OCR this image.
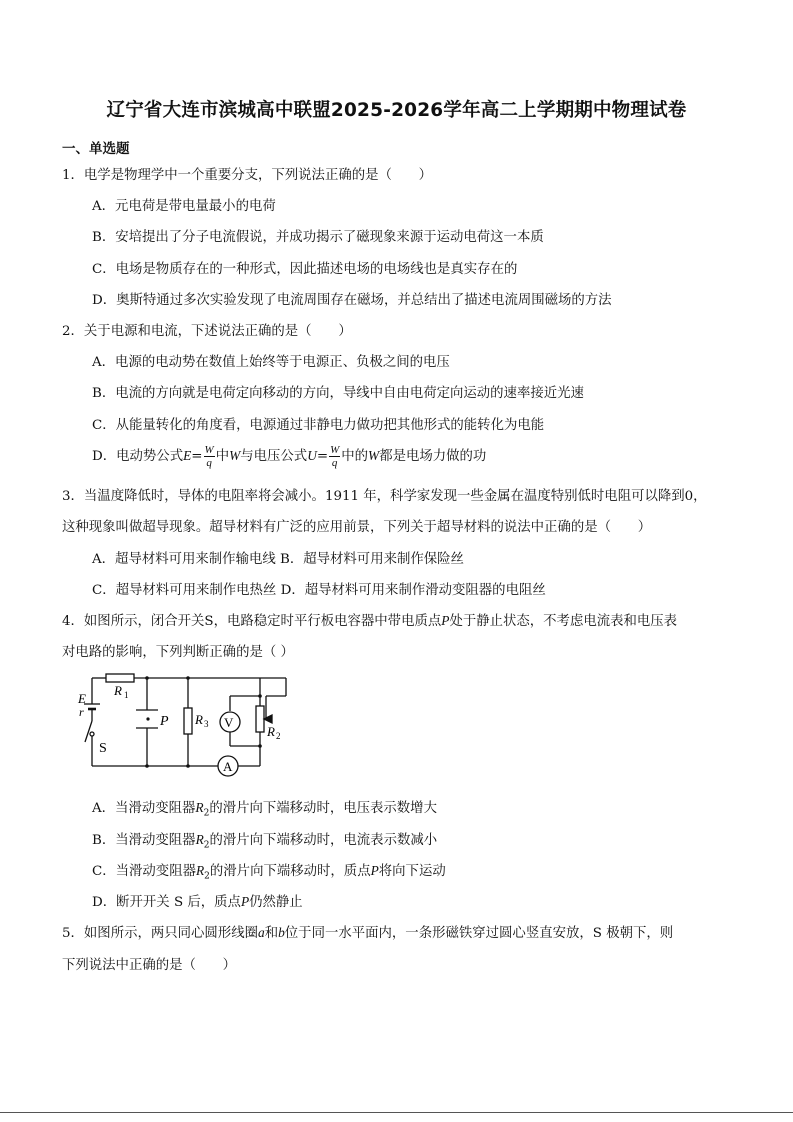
辽宁省大连市滨城高中联盟2025-2026学年高二上学期期中物理试卷
一、单选题
1．电学是物理学中一个重要分支，下列说法正确的是（　　）
A．元电荷是带电量最小的电荷
B．安培提出了分子电流假说，并成功揭示了磁现象来源于运动电荷这一本质
C．电场是物质存在的一种形式，因此描述电场的电场线也是真实存在的
D．奥斯特通过多次实验发现了电流周围存在磁场，并总结出了描述电流周围磁场的方法
2．关于电源和电流，下述说法正确的是（　　）
A．电源的电动势在数值上始终等于电源正、负极之间的电压
B．电流的方向就是电荷定向移动的方向，导线中自由电荷定向运动的速率接近光速
C．从能量转化的角度看，电源通过非静电力做功把其他形式的能转化为电能
D．电动势公式$E= \frac{W}{q}$ 中W与电压公式$U= \frac{W}{q}$ 中的W都是电场力做的功
3．当温度降低时，导体的电阻率将会减小。1911 年，科学家发现一些金属在温度特别低时电阻可以降到0，
这种现象叫做超导现象。超导材料有广泛的应用前景，下列关于超导材料的说法中正确的是（　　）
A．超导材料可用来制作输电线 B．超导材料可用来制作保险丝
C．超导材料可用来制作电热丝 D．超导材料可用来制作滑动变阻器的电阻丝
4．如图所示，闭合开关S，电路稳定时平行板电容器中带电质点P处于静止状态，不考虑电流表和电压表
对电路的影响，下列判断正确的是（ ）
E
r
S
R 1
P R 3	R 2
V
A
A．当滑动变阻器$R_2$的滑片向下端移动时，电压表示数增大
B．当滑动变阻器$R_2$的滑片向下端移动时，电流表示数减小
C．当滑动变阻器$R_2$的滑片向下端移动时，质点P将向下运动
D．断开开关 S 后，质点P仍然静止
5．如图所示，两只同心圆形线圈a和b位于同一水平面内，一条形磁铁穿过圆心竖直安放，S 极朝下，则
下列说法中正确的是（　　）
